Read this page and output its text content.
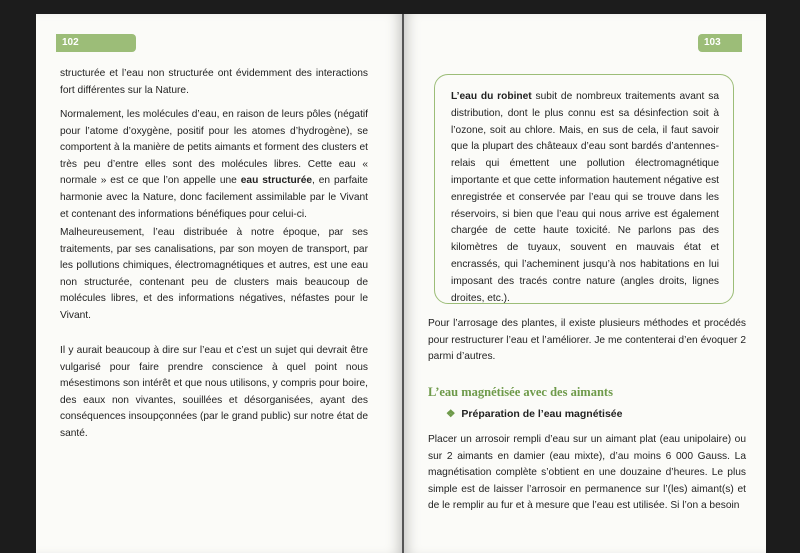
102

structurée et l’eau non structurée ont évidemment des interactions fort différentes sur la Nature.

Normalement, les molécules d’eau, en raison de leurs pôles (négatif pour l’atome d’oxygène, positif pour les atomes d’hydrogène), se comportent à la manière de petits aimants et forment des clusters et très peu d’entre elles sont des molécules libres. Cette eau « normale » est ce que l’on appelle une eau structurée, en parfaite harmonie avec la Nature, donc facilement assimilable par le Vivant et contenant des informations bénéfiques pour celui-ci.

Malheureusement, l’eau distribuée à notre époque, par ses traitements, par ses canalisations, par son moyen de transport, par les pollutions chimiques, électromagnétiques et autres, est une eau non structurée, contenant peu de clusters mais beaucoup de molécules libres, et des informations négatives, néfastes pour le Vivant.

Il y aurait beaucoup à dire sur l’eau et c’est un sujet qui devrait être vulgarisé pour faire prendre conscience à quel point nous mésestimons son intérêt et que nous utilisons, y compris pour boire, des eaux non vivantes, souillées et désorganisées, ayant des conséquences insoupçonnées (par le grand public) sur notre état de santé.

103

L’eau du robinet subit de nombreux traitements avant sa distribution, dont le plus connu est sa désinfection soit à l’ozone, soit au chlore. Mais, en sus de cela, il faut savoir que la plupart des châteaux d’eau sont bardés d’antennes-relais qui émettent une pollution électromagnétique importante et que cette information hautement négative est enregistrée et conservée par l’eau qui se trouve dans les réservoirs, si bien que l’eau qui nous arrive est également chargée de cette haute toxicité. Ne parlons pas des kilomètres de tuyaux, souvent en mauvais état et encrassés, qui l’acheminent jusqu’à nos habitations en lui imposant des tracés contre nature (angles droits, lignes droites, etc.).

Pour l’arrosage des plantes, il existe plusieurs méthodes et procédés pour restructurer l’eau et l’améliorer. Je me contenterai d’en évoquer 2 parmi d’autres.

L’eau magnétisée avec des aimants

❖ Préparation de l’eau magnétisée

Placer un arrosoir rempli d’eau sur un aimant plat (eau unipolaire) ou sur 2 aimants en damier (eau mixte), d’au moins 6 000 Gauss. La magnétisation complète s’obtient en une douzaine d’heures. Le plus simple est de laisser l’arrosoir en permanence sur l’(les) aimant(s) et de le remplir au fur et à mesure que l’eau est utilisée. Si l’on a besoin
